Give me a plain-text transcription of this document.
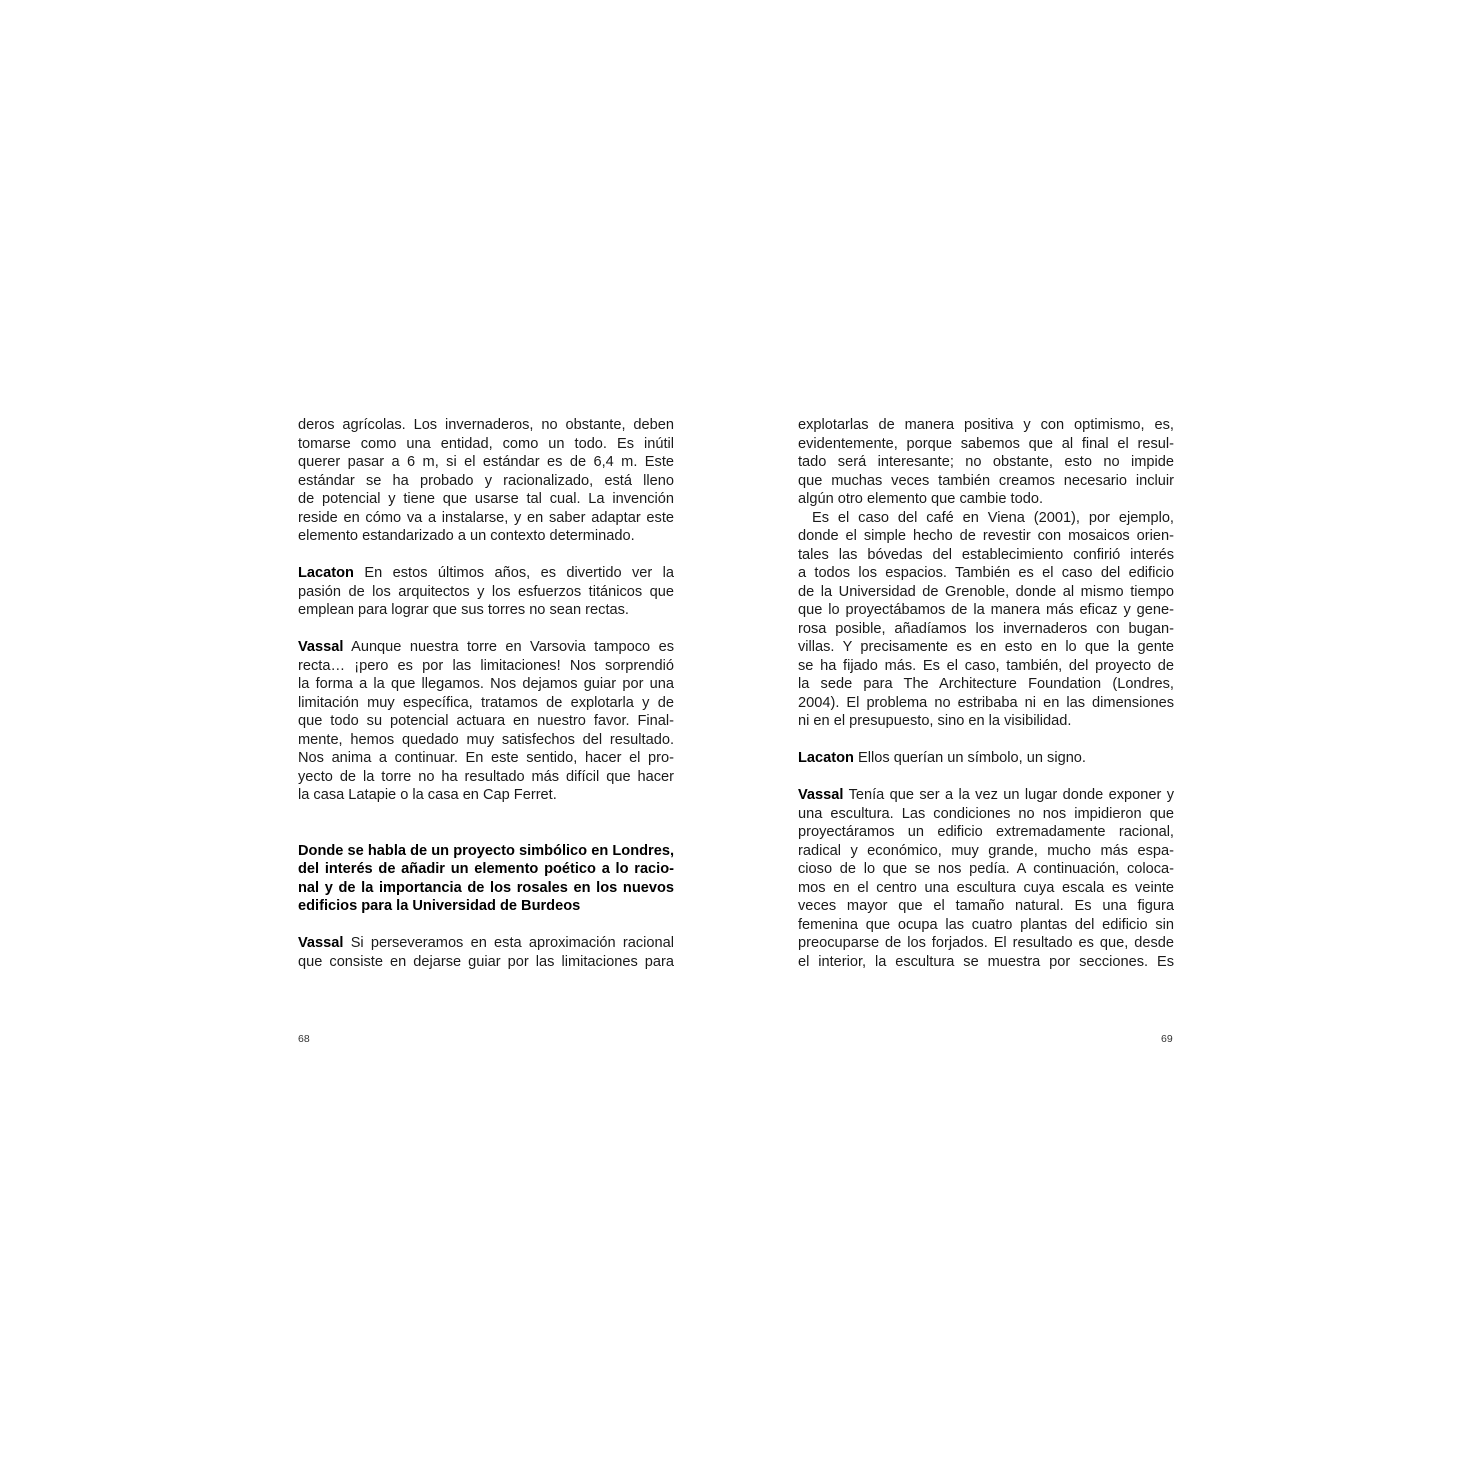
deros agrícolas. Los invernaderos, no obstante, deben
tomarse como una entidad, como un todo. Es inútil
querer pasar a 6 m, si el estándar es de 6,4 m. Este
estándar se ha probado y racionalizado, está lleno
de potencial y tiene que usarse tal cual. La invención
reside en cómo va a instalarse, y en saber adaptar este
elemento estandarizado a un contexto determinado.
Lacaton En estos últimos años, es divertido ver la
pasión de los arquitectos y los esfuerzos titánicos que
emplean para lograr que sus torres no sean rectas.
Vassal Aunque nuestra torre en Varsovia tampoco es
recta… ¡pero es por las limitaciones! Nos sorprendió
la forma a la que llegamos. Nos dejamos guiar por una
limitación muy específica, tratamos de explotarla y de
que todo su potencial actuara en nuestro favor. Final-
mente, hemos quedado muy satisfechos del resultado.
Nos anima a continuar. En este sentido, hacer el pro-
yecto de la torre no ha resultado más difícil que hacer
la casa Latapie o la casa en Cap Ferret.
Donde se habla de un proyecto simbólico en Londres,
del interés de añadir un elemento poético a lo racio-
nal y de la importancia de los rosales en los nuevos
edificios para la Universidad de Burdeos
Vassal Si perseveramos en esta aproximación racional
que consiste en dejarse guiar por las limitaciones para
explotarlas de manera positiva y con optimismo, es,
evidentemente, porque sabemos que al final el resul-
tado será interesante; no obstante, esto no impide
que muchas veces también creamos necesario incluir
algún otro elemento que cambie todo.
Es el caso del café en Viena (2001), por ejemplo,
donde el simple hecho de revestir con mosaicos orien-
tales las bóvedas del establecimiento confirió interés
a todos los espacios. También es el caso del edificio
de la Universidad de Grenoble, donde al mismo tiempo
que lo proyectábamos de la manera más eficaz y gene-
rosa posible, añadíamos los invernaderos con bugan-
villas. Y precisamente es en esto en lo que la gente
se ha fijado más. Es el caso, también, del proyecto de
la sede para The Architecture Foundation (Londres,
2004). El problema no estribaba ni en las dimensiones
ni en el presupuesto, sino en la visibilidad.
Lacaton Ellos querían un símbolo, un signo.
Vassal Tenía que ser a la vez un lugar donde exponer y
una escultura. Las condiciones no nos impidieron que
proyectáramos un edificio extremadamente racional,
radical y económico, muy grande, mucho más espa-
cioso de lo que se nos pedía. A continuación, coloca-
mos en el centro una escultura cuya escala es veinte
veces mayor que el tamaño natural. Es una figura
femenina que ocupa las cuatro plantas del edificio sin
preocuparse de los forjados. El resultado es que, desde
el interior, la escultura se muestra por secciones. Es
68	69
